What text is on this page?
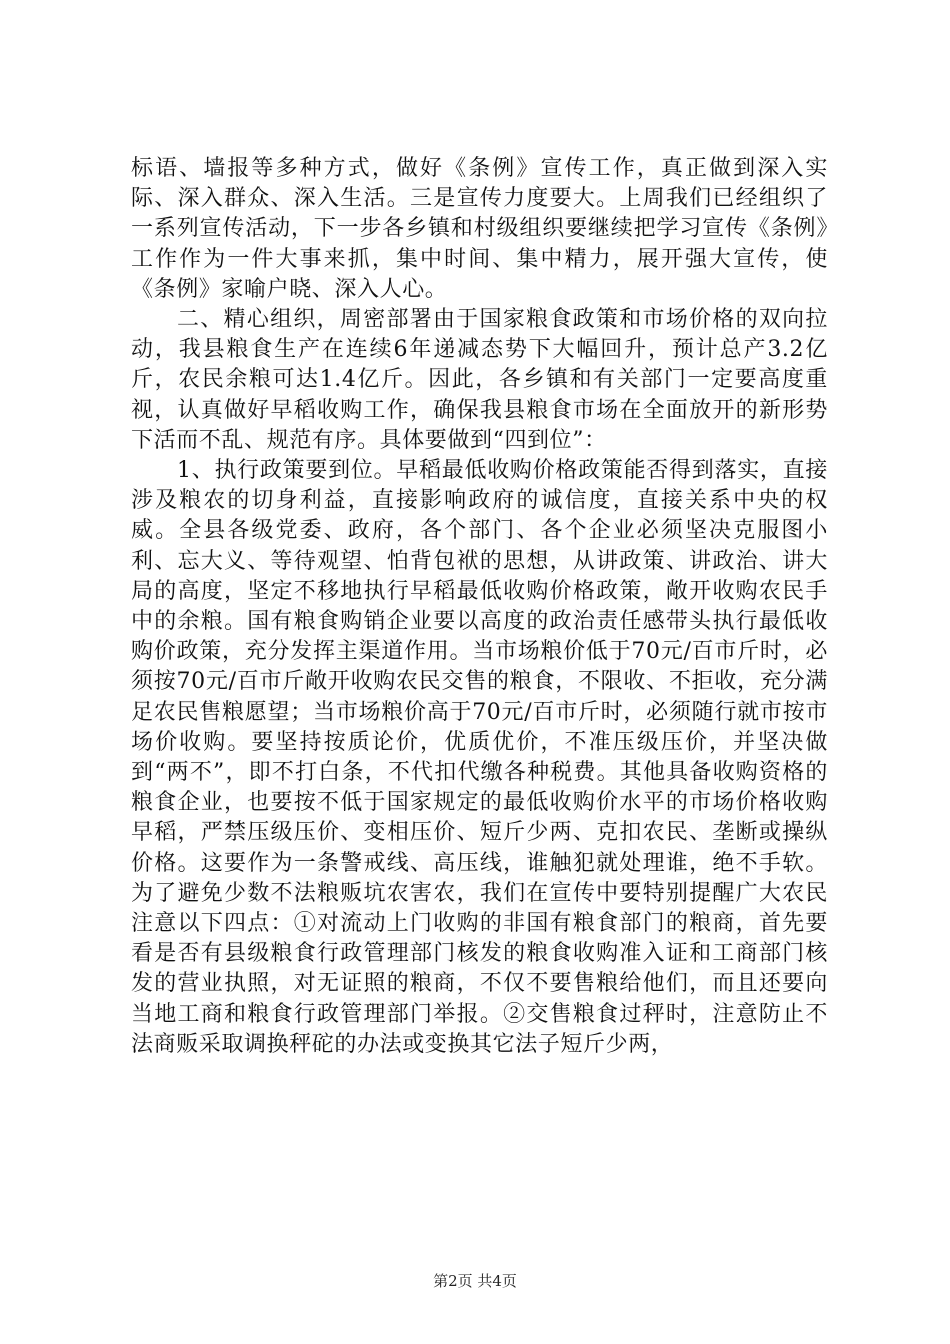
标语、墙报等多种方式，做好《条例》宣传工作，真正做到深入实际、深入群众、深入生活。三是宣传力度要大。上周我们已经组织了一系列宣传活动，下一步各乡镇和村级组织要继续把学习宣传《条例》工作作为一件大事来抓，集中时间、集中精力，展开强大宣传，使《条例》家喻户晓、深入人心。

二、精心组织，周密部署由于国家粮食政策和市场价格的双向拉动，我县粮食生产在连续6年递减态势下大幅回升，预计总产3.2亿斤，农民余粮可达1.4亿斤。因此，各乡镇和有关部门一定要高度重视，认真做好早稻收购工作，确保我县粮食市场在全面放开的新形势下活而不乱、规范有序。具体要做到“四到位”：

1、执行政策要到位。早稻最低收购价格政策能否得到落实，直接涉及粮农的切身利益，直接影响政府的诚信度，直接关系中央的权威。全县各级党委、政府，各个部门、各个企业必须坚决克服图小利、忘大义、等待观望、怕背包袱的思想，从讲政策、讲政治、讲大局的高度，坚定不移地执行早稻最低收购价格政策，敞开收购农民手中的余粮。国有粮食购销企业要以高度的政治责任感带头执行最低收购价政策，充分发挥主渠道作用。当市场粮价低于70元/百市斤时，必须按70元/百市斤敞开收购农民交售的粮食，不限收、不拒收，充分满足农民售粮愿望；当市场粮价高于70元/百市斤时，必须随行就市按市场价收购。要坚持按质论价，优质优价，不准压级压价，并坚决做到“两不”，即不打白条，不代扣代缴各种税费。其他具备收购资格的粮食企业，也要按不低于国家规定的最低收购价水平的市场价格收购早稻，严禁压级压价、变相压价、短斤少两、克扣农民、垄断或操纵价格。这要作为一条警戒线、高压线，谁触犯就处理谁，绝不手软。为了避免少数不法粮贩坑农害农，我们在宣传中要特别提醒广大农民注意以下四点：①对流动上门收购的非国有粮食部门的粮商，首先要看是否有县级粮食行政管理部门核发的粮食收购准入证和工商部门核发的营业执照，对无证照的粮商，不仅不要售粮给他们，而且还要向当地工商和粮食行政管理部门举报。②交售粮食过秤时，注意防止不法商贩采取调换秤砣的办法或变换其它法子短斤少两，

第2页 共4页
